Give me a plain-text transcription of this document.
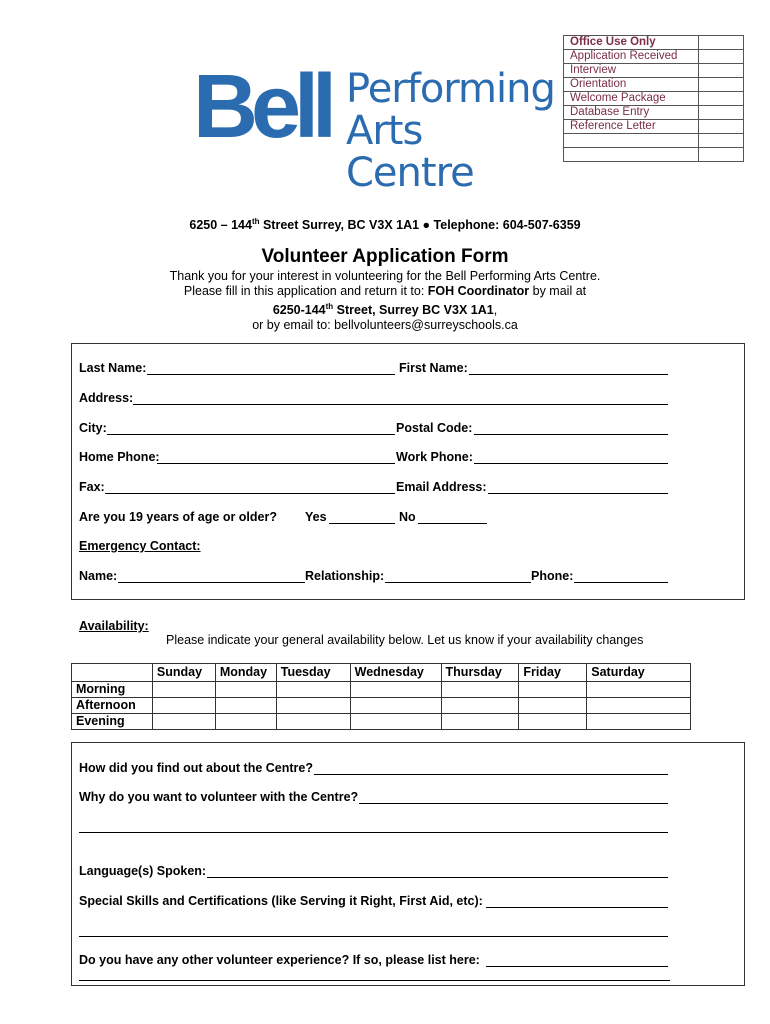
Office Use Only	
Application Received	
Interview	
Orientation	
Welcome Package	
Database Entry	
Reference Letter	

Bell Performing
Arts Centre
6250 – 144th Street Surrey, BC V3X 1A1 ● Telephone: 604-507-6359
Volunteer Application Form
Thank you for your interest in volunteering for the Bell Performing Arts Centre.
Please fill in this application and return it to: FOH Coordinator by mail at
6250-144th Street, Surrey BC V3X 1A1,
or by email to: bellvolunteers@surreyschools.ca
Last Name:	First Name:
Address:
City:	Postal Code:
Home Phone:	Work Phone:
Fax:	Email Address:
Are you 19 years of age or older? Yes	No
Emergency Contact:
Name:	Relationship:	Phone:
Availability:
Please indicate your general availability below. Let us know if your availability changes
	Sunday	Monday	Tuesday	Wednesday	Thursday	Friday	Saturday
Morning							
Afternoon							
Evening							
How did you find out about the Centre?
Why do you want to volunteer with the Centre?
Language(s) Spoken:
Special Skills and Certifications (like Serving it Right, First Aid, etc):
Do you have any other volunteer experience? If so, please list here:
